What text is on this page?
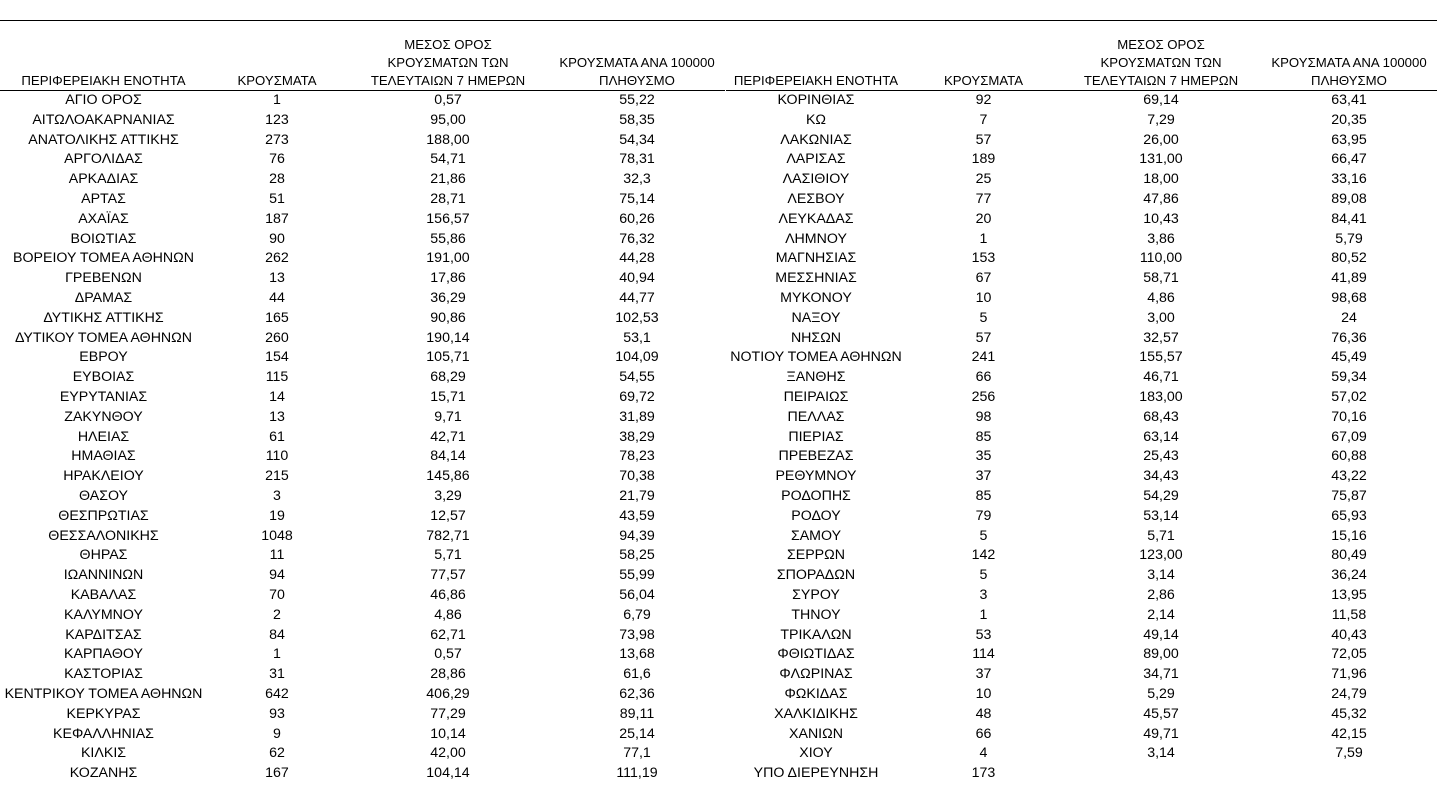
ΠΕΡΙΦΕΡΕΙΑΚΗ ΕΝΟΤΗΤΑ	ΚΡΟΥΣΜΑΤΑ	ΜΕΣΟΣ ΟΡΟΣ
ΚΡΟΥΣΜΑΤΩΝ ΤΩΝ
ΤΕΛΕΥΤΑΙΩΝ 7 ΗΜΕΡΩΝ	ΚΡΟΥΣΜΑΤΑ ΑΝΑ 100000
ΠΛΗΘΥΣΜΟ

ΑΓΙΟ ΟΡΟΣ	1	0,57	55,22
ΑΙΤΩΛΟΑΚΑΡΝΑΝΙΑΣ	123	95,00	58,35
ΑΝΑΤΟΛΙΚΗΣ ΑΤΤΙΚΗΣ	273	188,00	54,34
ΑΡΓΟΛΙΔΑΣ	76	54,71	78,31
ΑΡΚΑΔΙΑΣ	28	21,86	32,3
ΑΡΤΑΣ	51	28,71	75,14
ΑΧΑΪΑΣ	187	156,57	60,26
ΒΟΙΩΤΙΑΣ	90	55,86	76,32
ΒΟΡΕΙΟΥ ΤΟΜΕΑ ΑΘΗΝΩΝ	262	191,00	44,28
ΓΡΕΒΕΝΩΝ	13	17,86	40,94
ΔΡΑΜΑΣ	44	36,29	44,77
ΔΥΤΙΚΗΣ ΑΤΤΙΚΗΣ	165	90,86	102,53
ΔΥΤΙΚΟΥ ΤΟΜΕΑ ΑΘΗΝΩΝ	260	190,14	53,1
ΕΒΡΟΥ	154	105,71	104,09
ΕΥΒΟΙΑΣ	115	68,29	54,55
ΕΥΡΥΤΑΝΙΑΣ	14	15,71	69,72
ΖΑΚΥΝΘΟΥ	13	9,71	31,89
ΗΛΕΙΑΣ	61	42,71	38,29
ΗΜΑΘΙΑΣ	110	84,14	78,23
ΗΡΑΚΛΕΙΟΥ	215	145,86	70,38
ΘΑΣΟΥ	3	3,29	21,79
ΘΕΣΠΡΩΤΙΑΣ	19	12,57	43,59
ΘΕΣΣΑΛΟΝΙΚΗΣ	1048	782,71	94,39
ΘΗΡΑΣ	11	5,71	58,25
ΙΩΑΝΝΙΝΩΝ	94	77,57	55,99
ΚΑΒΑΛΑΣ	70	46,86	56,04
ΚΑΛΥΜΝΟΥ	2	4,86	6,79
ΚΑΡΔΙΤΣΑΣ	84	62,71	73,98
ΚΑΡΠΑΘΟΥ	1	0,57	13,68
ΚΑΣΤΟΡΙΑΣ	31	28,86	61,6
ΚΕΝΤΡΙΚΟΥ ΤΟΜΕΑ ΑΘΗΝΩΝ	642	406,29	62,36
ΚΕΡΚΥΡΑΣ	93	77,29	89,11
ΚΕΦΑΛΛΗΝΙΑΣ	9	10,14	25,14
ΚΙΛΚΙΣ	62	42,00	77,1
ΚΟΖΑΝΗΣ	167	104,14	111,19
ΠΕΡΙΦΕΡΕΙΑΚΗ ΕΝΟΤΗΤΑ	ΚΡΟΥΣΜΑΤΑ	ΜΕΣΟΣ ΟΡΟΣ
ΚΡΟΥΣΜΑΤΩΝ ΤΩΝ
ΤΕΛΕΥΤΑΙΩΝ 7 ΗΜΕΡΩΝ	ΚΡΟΥΣΜΑΤΑ ΑΝΑ 100000
ΠΛΗΘΥΣΜΟ

ΚΟΡΙΝΘΙΑΣ	92	69,14	63,41
ΚΩ	7	7,29	20,35
ΛΑΚΩΝΙΑΣ	57	26,00	63,95
ΛΑΡΙΣΑΣ	189	131,00	66,47
ΛΑΣΙΘΙΟΥ	25	18,00	33,16
ΛΕΣΒΟΥ	77	47,86	89,08
ΛΕΥΚΑΔΑΣ	20	10,43	84,41
ΛΗΜΝΟΥ	1	3,86	5,79
ΜΑΓΝΗΣΙΑΣ	153	110,00	80,52
ΜΕΣΣΗΝΙΑΣ	67	58,71	41,89
ΜΥΚΟΝΟΥ	10	4,86	98,68
ΝΑΞΟΥ	5	3,00	24
ΝΗΣΩΝ	57	32,57	76,36
ΝΟΤΙΟΥ ΤΟΜΕΑ ΑΘΗΝΩΝ	241	155,57	45,49
ΞΑΝΘΗΣ	66	46,71	59,34
ΠΕΙΡΑΙΩΣ	256	183,00	57,02
ΠΕΛΛΑΣ	98	68,43	70,16
ΠΙΕΡΙΑΣ	85	63,14	67,09
ΠΡΕΒΕΖΑΣ	35	25,43	60,88
ΡΕΘΥΜΝΟΥ	37	34,43	43,22
ΡΟΔΟΠΗΣ	85	54,29	75,87
ΡΟΔΟΥ	79	53,14	65,93
ΣΑΜΟΥ	5	5,71	15,16
ΣΕΡΡΩΝ	142	123,00	80,49
ΣΠΟΡΑΔΩΝ	5	3,14	36,24
ΣΥΡΟΥ	3	2,86	13,95
ΤΗΝΟΥ	1	2,14	11,58
ΤΡΙΚΑΛΩΝ	53	49,14	40,43
ΦΘΙΩΤΙΔΑΣ	114	89,00	72,05
ΦΛΩΡΙΝΑΣ	37	34,71	71,96
ΦΩΚΙΔΑΣ	10	5,29	24,79
ΧΑΛΚΙΔΙΚΗΣ	48	45,57	45,32
ΧΑΝΙΩΝ	66	49,71	42,15
ΧΙΟΥ	4	3,14	7,59
ΥΠΟ ΔΙΕΡΕΥΝΗΣΗ	173		
